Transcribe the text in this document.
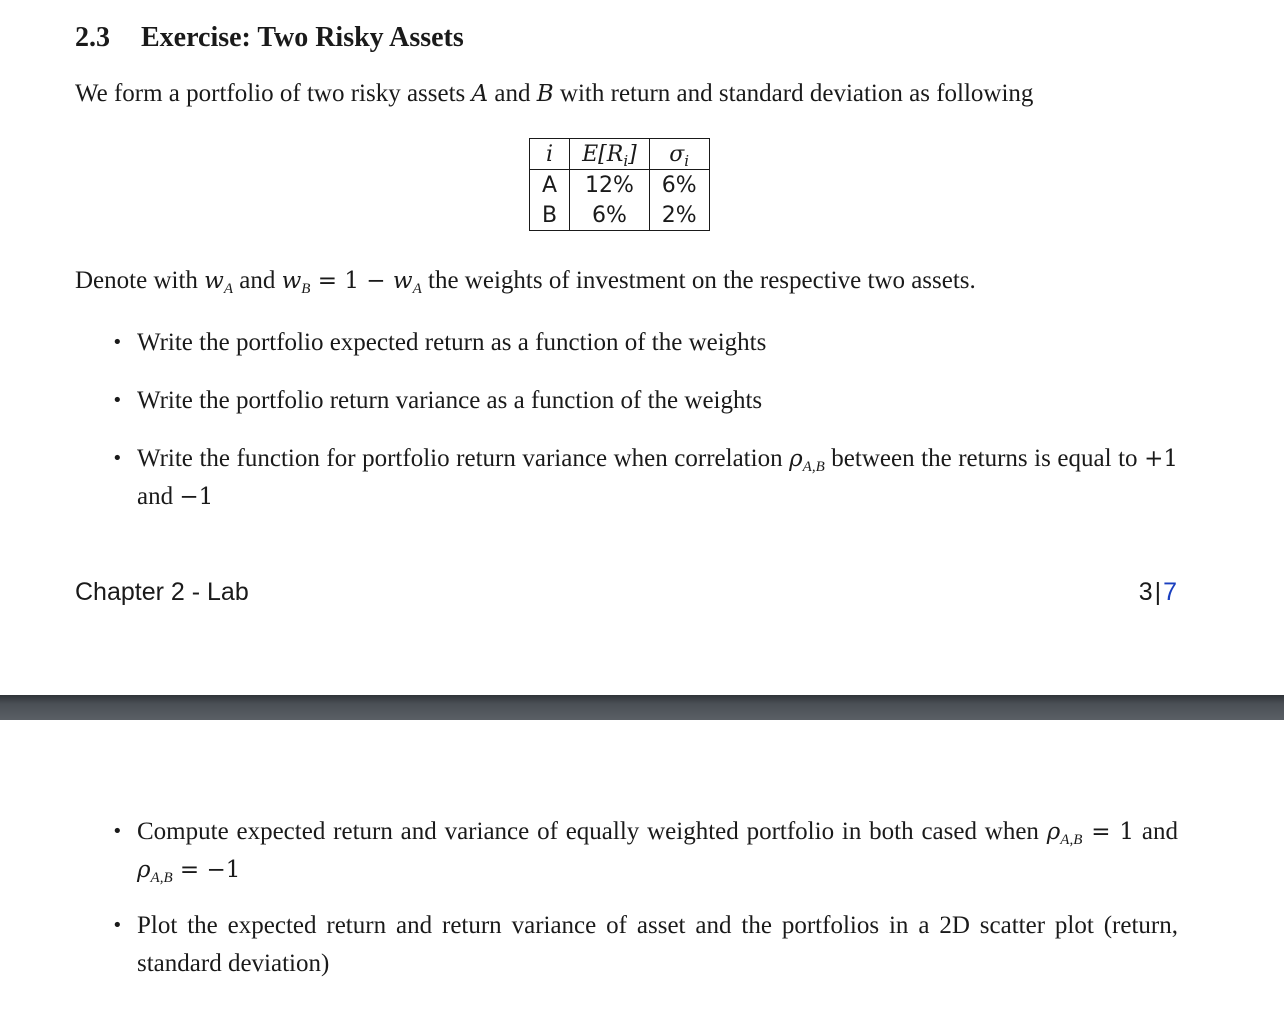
2.3 Exercise: Two Risky Assets
We form a portfolio of two risky assets A and B with return and standard deviation as following
i	$E[R_i]$	$\sigma_i$
A	12%	6%
B	6%	2%
Denote with $w_A$ and $w_B = 1 - w_A$ the weights of investment on the respective two assets.
• Write the portfolio expected return as a function of the weights
• Write the portfolio return variance as a function of the weights
• Write the function for portfolio return variance when correlation $\rho_{A,B}$ between the returns is equal to +1 and −1
Chapter 2 - Lab	3|7
• Compute expected return and variance of equally weighted portfolio in both cased when $\rho_{A,B} = 1$ and $\rho_{A,B} = -1$
• Plot the expected return and return variance of asset and the portfolios in a 2D scatter plot (return, standard deviation)
